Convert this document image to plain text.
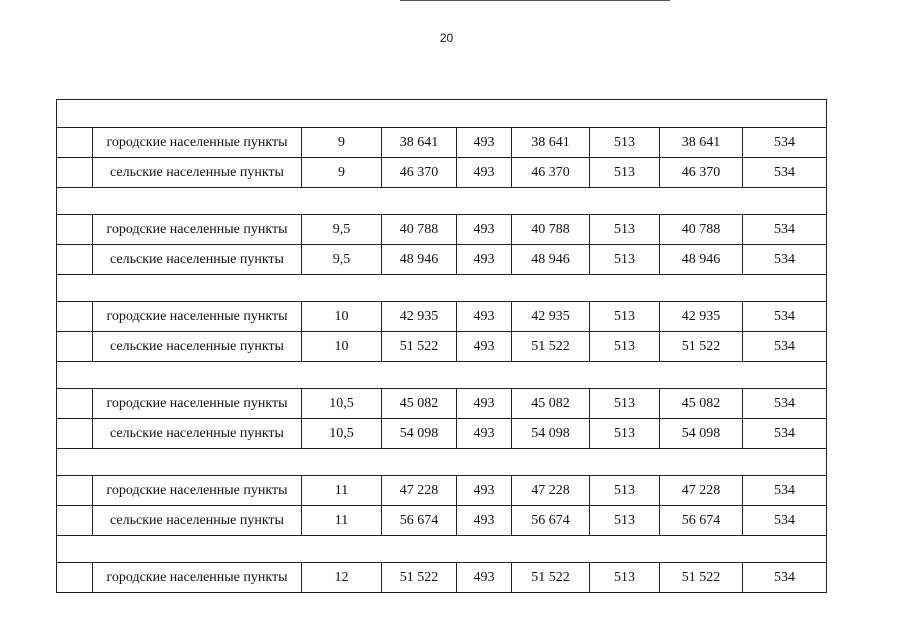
20

	городские населенные пункты	9	38 641	493	38 641	513	38 641	534
	сельские населенные пункты	9	46 370	493	46 370	513	46 370	534

	городские населенные пункты	9,5	40 788	493	40 788	513	40 788	534
	сельские населенные пункты	9,5	48 946	493	48 946	513	48 946	534

	городские населенные пункты	10	42 935	493	42 935	513	42 935	534
	сельские населенные пункты	10	51 522	493	51 522	513	51 522	534

	городские населенные пункты	10,5	45 082	493	45 082	513	45 082	534
	сельские населенные пункты	10,5	54 098	493	54 098	513	54 098	534

	городские населенные пункты	11	47 228	493	47 228	513	47 228	534
	сельские населенные пункты	11	56 674	493	56 674	513	56 674	534

	городские населенные пункты	12	51 522	493	51 522	513	51 522	534
